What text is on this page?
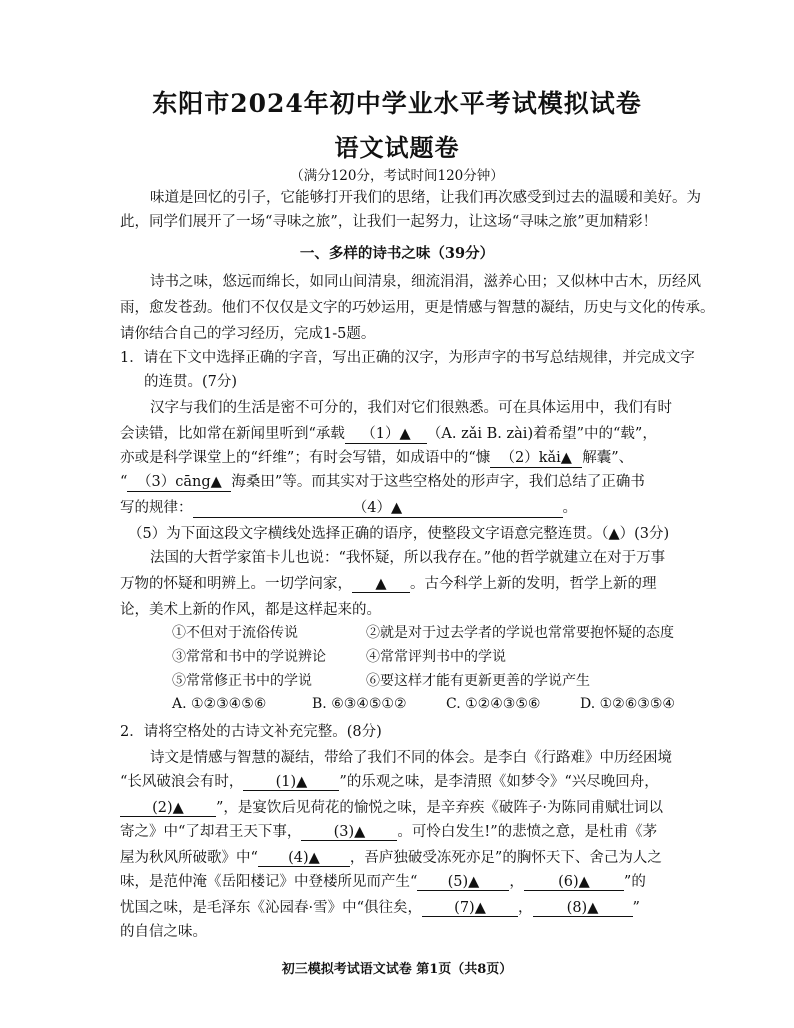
东阳市2024年初中学业水平考试模拟试卷
语文试题卷
（满分120分，考试时间120分钟）
味道是回忆的引子，它能够打开我们的思绪，让我们再次感受到过去的温暖和美好。为
此，同学们展开了一场“寻味之旅”，让我们一起努力，让这场“寻味之旅”更加精彩！
一、多样的诗书之味（39分）
诗书之味，悠远而绵长，如同山间清泉，细流涓涓，滋养心田；又似林中古木，历经风
雨，愈发苍劲。他们不仅仅是文字的巧妙运用，更是情感与智慧的凝结，历史与文化的传承。
请你结合自己的学习经历，完成1-5题。
1．请在下文中选择正确的字音，写出正确的汉字，为形声字的书写总结规律，并完成文字
的连贯。(7分)
汉字与我们的生活是密不可分的，我们对它们很熟悉。可在具体运用中，我们有时
会读错，比如常在新闻里听到“承载 （1）▲ （A. zǎi B. zài)着希望”中的“载”，
亦或是科学课堂上的“纤维”；有时会写错，如成语中的“慷 （2）kǎi▲ 解囊”、
“ （3）cāng▲ 海桑田”等。而其实对于这些空格处的形声字，我们总结了正确书
写的规律：	（4）▲	。
（5）为下面这段文字横线处选择正确的语序，使整段文字语意完整连贯。（▲）(3分)
法国的大哲学家笛卡儿也说：“我怀疑，所以我存在。”他的哲学就建立在对于万事
万物的怀疑和明辨上。一切学问家， ▲ 。古今科学上新的发明，哲学上新的理
论，美术上新的作风，都是这样起来的。
①不但对于流俗传说	②就是对于过去学者的学说也常常要抱怀疑的态度
③常常和书中的学说辨论	④常常评判书中的学说
⑤常常修正书中的学说	⑥要这样才能有更新更善的学说产生
A. ①②③④⑤⑥	B. ⑥③④⑤①②	C. ①②④③⑤⑥	D. ①②⑥③⑤④
2．请将空格处的古诗文补充完整。(8分)
诗文是情感与智慧的凝结，带给了我们不同的体会。是李白《行路难》中历经困境
“长风破浪会有时， (1)▲ ”的乐观之味，是李清照《如梦令》“兴尽晚回舟，
(2)▲ ”，是宴饮后见荷花的愉悦之味，是辛弃疾《破阵子·为陈同甫赋壮词以
寄之》中“了却君王天下事， (3)▲ 。可怜白发生!”的悲愤之意，是杜甫《茅
屋为秋风所破歌》中“ (4)▲ ，吾庐独破受冻死亦足”的胸怀天下、舍己为人之
味，是范仲淹《岳阳楼记》中登楼所见而产生“ (5)▲ ， (6)▲ ”的
忧国之味，是毛泽东《沁园春·雪》中“俱往矣， (7)▲ ， (8)▲ ”
的自信之味。
初三模拟考试语文试卷 第1页（共8页）
